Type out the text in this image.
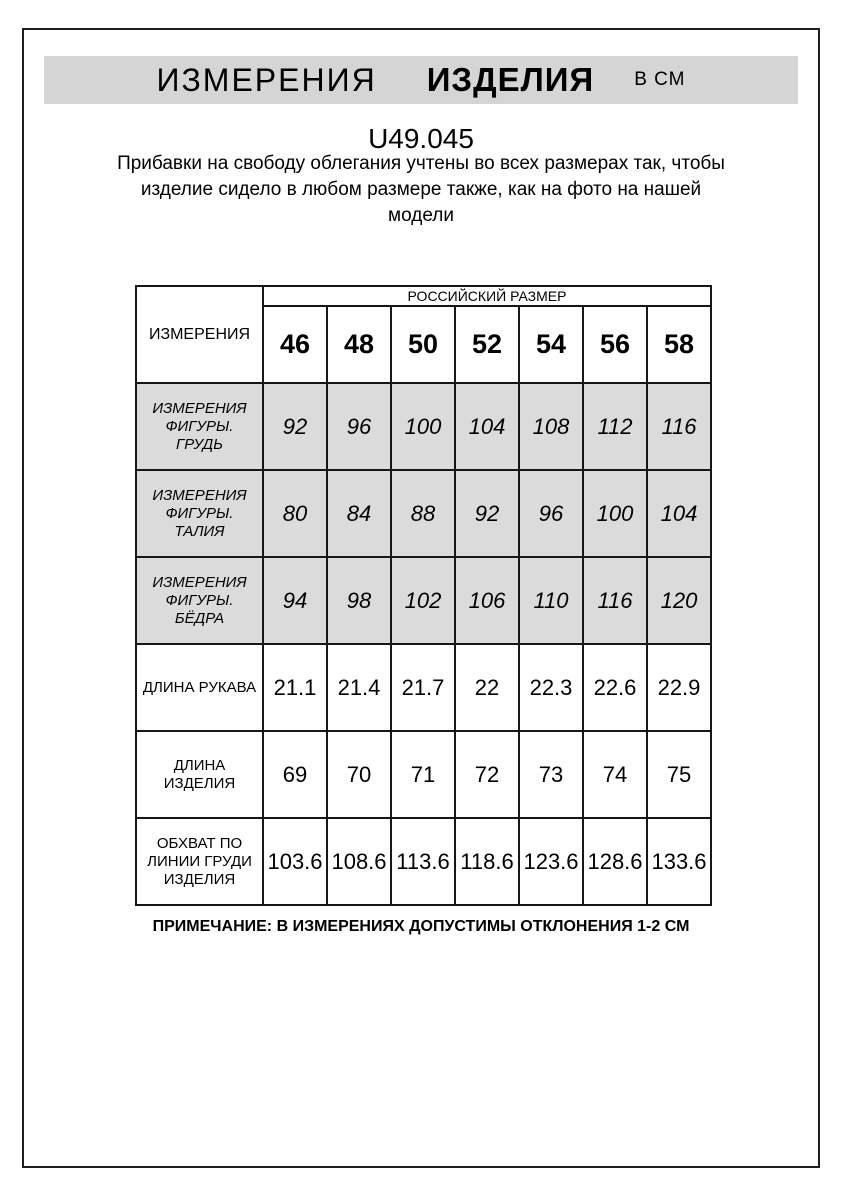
ИЗМЕРЕНИЯ ИЗДЕЛИЯ В СМ
U49.045
Прибавки на свободу облегания учтены во всех размерах так, чтобы изделие сидело в любом размере также, как на фото на нашей модели
ИЗМЕРЕНИЯ	РОССИЙСКИЙ РАЗМЕР						
	46	48	50	52	54	56	58
ИЗМЕРЕНИЯ ФИГУРЫ. ГРУДЬ	92	96	100	104	108	112	116
ИЗМЕРЕНИЯ ФИГУРЫ. ТАЛИЯ	80	84	88	92	96	100	104
ИЗМЕРЕНИЯ ФИГУРЫ. БЁДРА	94	98	102	106	110	116	120
ДЛИНА РУКАВА	21.1	21.4	21.7	22	22.3	22.6	22.9
ДЛИНА ИЗДЕЛИЯ	69	70	71	72	73	74	75
ОБХВАТ ПО ЛИНИИ ГРУДИ ИЗДЕЛИЯ	103.6	108.6	113.6	118.6	123.6	128.6	133.6
ПРИМЕЧАНИЕ: В ИЗМЕРЕНИЯХ ДОПУСТИМЫ ОТКЛОНЕНИЯ 1-2 СМ
